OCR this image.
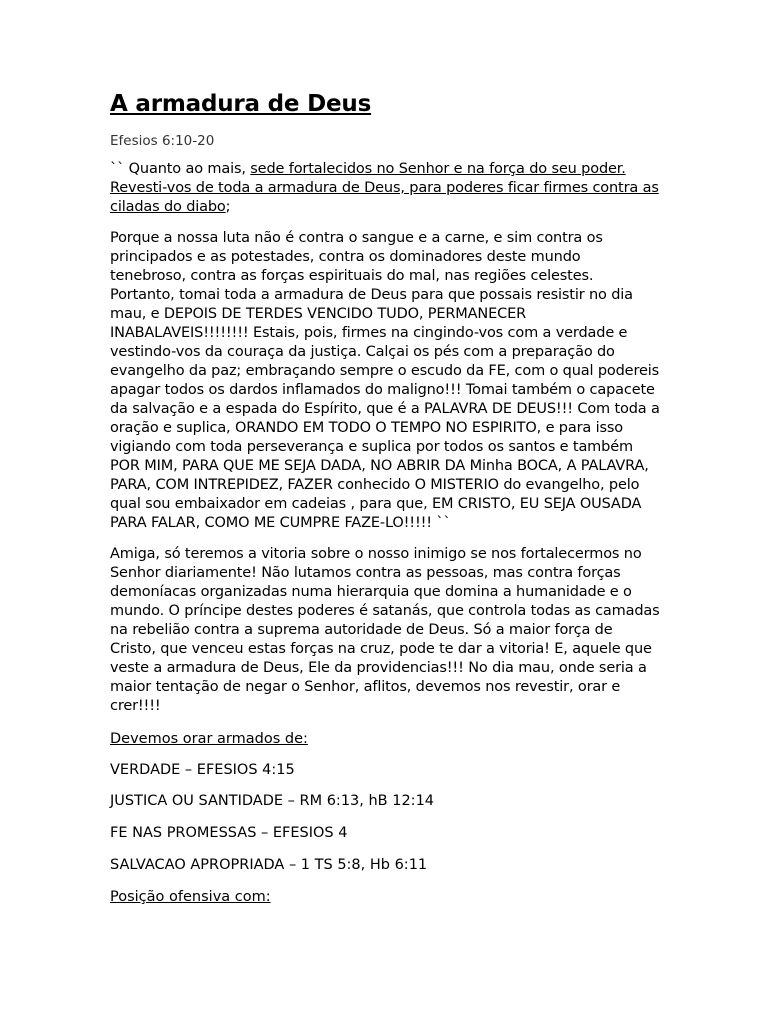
A armadura de Deus

Efesios 6:10-20

`` Quanto ao mais, sede fortalecidos no Senhor e na força do seu poder. Revesti-vos de toda a armadura de Deus, para poderes ficar firmes contra as ciladas do diabo;

Porque a nossa luta não é contra o sangue e a carne, e sim contra os principados e as potestades, contra os dominadores deste mundo tenebroso, contra as forças espirituais do mal, nas regiões celestes. Portanto, tomai toda a armadura de Deus para que possais resistir no dia mau, e DEPOIS DE TERDES VENCIDO TUDO, PERMANECER INABALAVEIS!!!!!!!! Estais, pois, firmes na cingindo-vos com a verdade e vestindo-vos da couraça da justiça. Calçai os pés com a preparação do evangelho da paz; embraçando sempre o escudo da FE, com o qual podereis apagar todos os dardos inflamados do maligno!!! Tomai também o capacete da salvação e a espada do Espírito, que é a PALAVRA DE DEUS!!! Com toda a oração e suplica, ORANDO EM TODO O TEMPO NO ESPIRITO, e para isso vigiando com toda perseverança e suplica por todos os santos e também POR MIM, PARA QUE ME SEJA DADA, NO ABRIR DA Minha BOCA, A PALAVRA, PARA, COM INTREPIDEZ, FAZER conhecido O MISTERIO do evangelho, pelo qual sou embaixador em cadeias , para que, EM CRISTO, EU SEJA OUSADA PARA FALAR, COMO ME CUMPRE FAZE-LO!!!!! ``

Amiga, só teremos a vitoria sobre o nosso inimigo se nos fortalecermos no Senhor diariamente! Não lutamos contra as pessoas, mas contra forças demoníacas organizadas numa hierarquia que domina a humanidade e o mundo. O príncipe destes poderes é satanás, que controla todas as camadas na rebelião contra a suprema autoridade de Deus. Só a maior força de Cristo, que venceu estas forças na cruz, pode te dar a vitoria! E, aquele que veste a armadura de Deus, Ele da providencias!!! No dia mau, onde seria a maior tentação de negar o Senhor, aflitos, devemos nos revestir, orar e crer!!!!

Devemos orar armados de:

VERDADE – EFESIOS 4:15

JUSTICA OU SANTIDADE – RM 6:13, hB 12:14

FE NAS PROMESSAS – EFESIOS 4

SALVACAO APROPRIADA – 1 TS 5:8, Hb 6:11

Posição ofensiva com:
